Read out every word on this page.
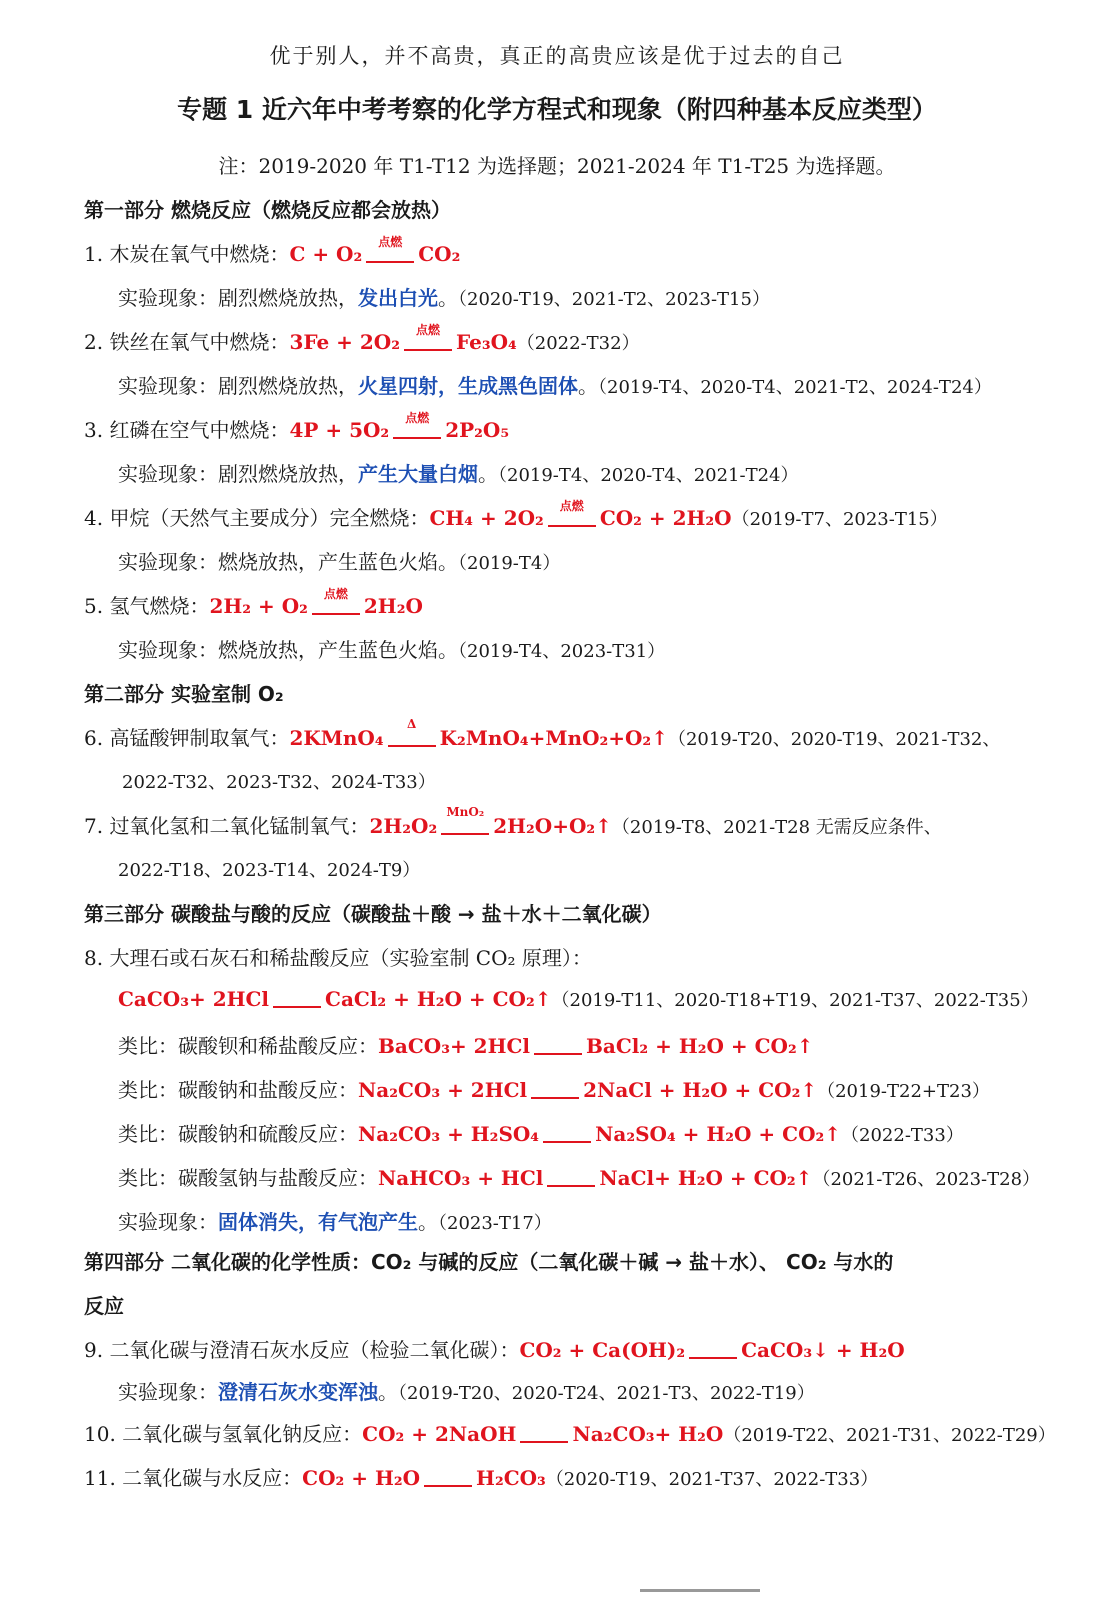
优于别人，并不高贵，真正的高贵应该是优于过去的自己
专题 1 近六年中考考察的化学方程式和现象（附四种基本反应类型）
注：2019-2020 年 T1-T12 为选择题；2021-2024 年 T1-T25 为选择题。
第一部分 燃烧反应（燃烧反应都会放热）
1. 木炭在氧气中燃烧：C + O₂
点燃
CO₂
实验现象：剧烈燃烧放热，发出白光。（2020-T19、2021-T2、2023-T15）
2. 铁丝在氧气中燃烧：3Fe + 2O₂
点燃
Fe₃O₄（2022-T32）
实验现象：剧烈燃烧放热，火星四射，生成黑色固体。（2019-T4、2020-T4、2021-T2、2024-T24）
3. 红磷在空气中燃烧：4P + 5O₂
点燃
2P₂O₅
实验现象：剧烈燃烧放热，产生大量白烟。（2019-T4、2020-T4、2021-T24）
4. 甲烷（天然气主要成分）完全燃烧：CH₄ + 2O₂
点燃
CO₂ + 2H₂O（2019-T7、2023-T15）
实验现象：燃烧放热，产生蓝色火焰。（2019-T4）
5. 氢气燃烧：2H₂ + O₂
点燃
2H₂O
实验现象：燃烧放热，产生蓝色火焰。（2019-T4、2023-T31）
第二部分 实验室制 O₂
6. 高锰酸钾制取氧气：2KMnO₄
Δ
K₂MnO₄+MnO₂+O₂↑（2019-T20、2020-T19、2021-T32、
2022-T32、2023-T32、2024-T33）
7. 过氧化氢和二氧化锰制氧气：2H₂O₂
MnO₂
2H₂O+O₂↑（2019-T8、2021-T28 无需反应条件、
2022-T18、2023-T14、2024-T9）
第三部分 碳酸盐与酸的反应（碳酸盐＋酸 → 盐＋水＋二氧化碳）
8. 大理石或石灰石和稀盐酸反应（实验室制 CO₂ 原理）：
CaCO₃+ 2HCl	CaCl₂ + H₂O + CO₂↑（2019-T11、2020-T18+T19、2021-T37、2022-T35）
类比：碳酸钡和稀盐酸反应：BaCO₃+ 2HCl	BaCl₂ + H₂O + CO₂↑
类比：碳酸钠和盐酸反应：Na₂CO₃ + 2HCl	2NaCl + H₂O + CO₂↑（2019-T22+T23）
类比：碳酸钠和硫酸反应：Na₂CO₃ + H₂SO₄	Na₂SO₄ + H₂O + CO₂↑（2022-T33）
类比：碳酸氢钠与盐酸反应：NaHCO₃ + HCl	NaCl+ H₂O + CO₂↑（2021-T26、2023-T28）
实验现象：固体消失，有气泡产生。（2023-T17）
第四部分 二氧化碳的化学性质：CO₂ 与碱的反应（二氧化碳＋碱 → 盐＋水）、 CO₂ 与水的
反应
9. 二氧化碳与澄清石灰水反应（检验二氧化碳）：CO₂ + Ca(OH)₂	CaCO₃↓ + H₂O
实验现象：澄清石灰水变浑浊。（2019-T20、2020-T24、2021-T3、2022-T19）
10. 二氧化碳与氢氧化钠反应：CO₂ + 2NaOH	Na₂CO₃+ H₂O（2019-T22、2021-T31、2022-T29）
11. 二氧化碳与水反应：CO₂ + H₂O	H₂CO₃（2020-T19、2021-T37、2022-T33）
